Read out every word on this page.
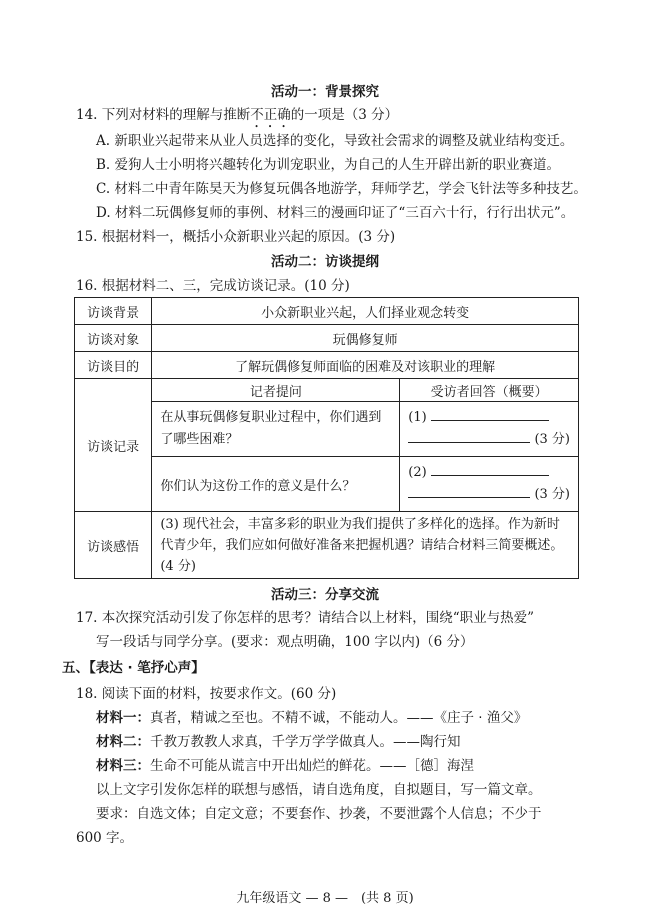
活动一：背景探究
14. 下列对材料的理解与推断不正确的一项是（3 分）
A. 新职业兴起带来从业人员选择的变化，导致社会需求的调整及就业结构变迁。
B. 爱狗人士小明将兴趣转化为训宠职业，为自己的人生开辟出新的职业赛道。
C. 材料二中青年陈昊天为修复玩偶各地游学，拜师学艺，学会飞针法等多种技艺。
D. 材料二玩偶修复师的事例、材料三的漫画印证了“三百六十行，行行出状元”。
15. 根据材料一，概括小众新职业兴起的原因。(3 分)
活动二：访谈提纲
16. 根据材料二、三，完成访谈记录。(10 分)
访谈背景	小众新职业兴起，人们择业观念转变	
访谈对象	玩偶修复师	
访谈目的	了解玩偶修复师面临的困难及对该职业的理解	
访谈记录	记者提问	受访者回答（概要）
	在从事玩偶修复职业过程中，你们遇到了哪些困难？	(1)
(3 分)

	你们认为这份工作的意义是什么？	(2)
(3 分)

访谈感悟	(3) 现代社会，丰富多彩的职业为我们提供了多样化的选择。作为新时代青少年，我们应如何做好准备来把握机遇？请结合材料三简要概述。(4 分)	
活动三：分享交流
17. 本次探究活动引发了你怎样的思考？请结合以上材料，围绕“职业与热爱”
写一段话与同学分享。(要求：观点明确，100 字以内)（6 分）
五、【表达 · 笔抒心声】
18. 阅读下面的材料，按要求作文。(60 分)
材料一：真者，精诚之至也。不精不诚，不能动人。——《庄子 · 渔父》
材料二：千教万教教人求真，千学万学学做真人。——陶行知
材料三：生命不可能从谎言中开出灿烂的鲜花。——［德］海涅
以上文字引发你怎样的联想与感悟，请自选角度，自拟题目，写一篇文章。
要求：自选文体；自定文意；不要套作、抄袭，不要泄露个人信息；不少于
600 字。
九年级语文 — 8 —　(共 8 页)
